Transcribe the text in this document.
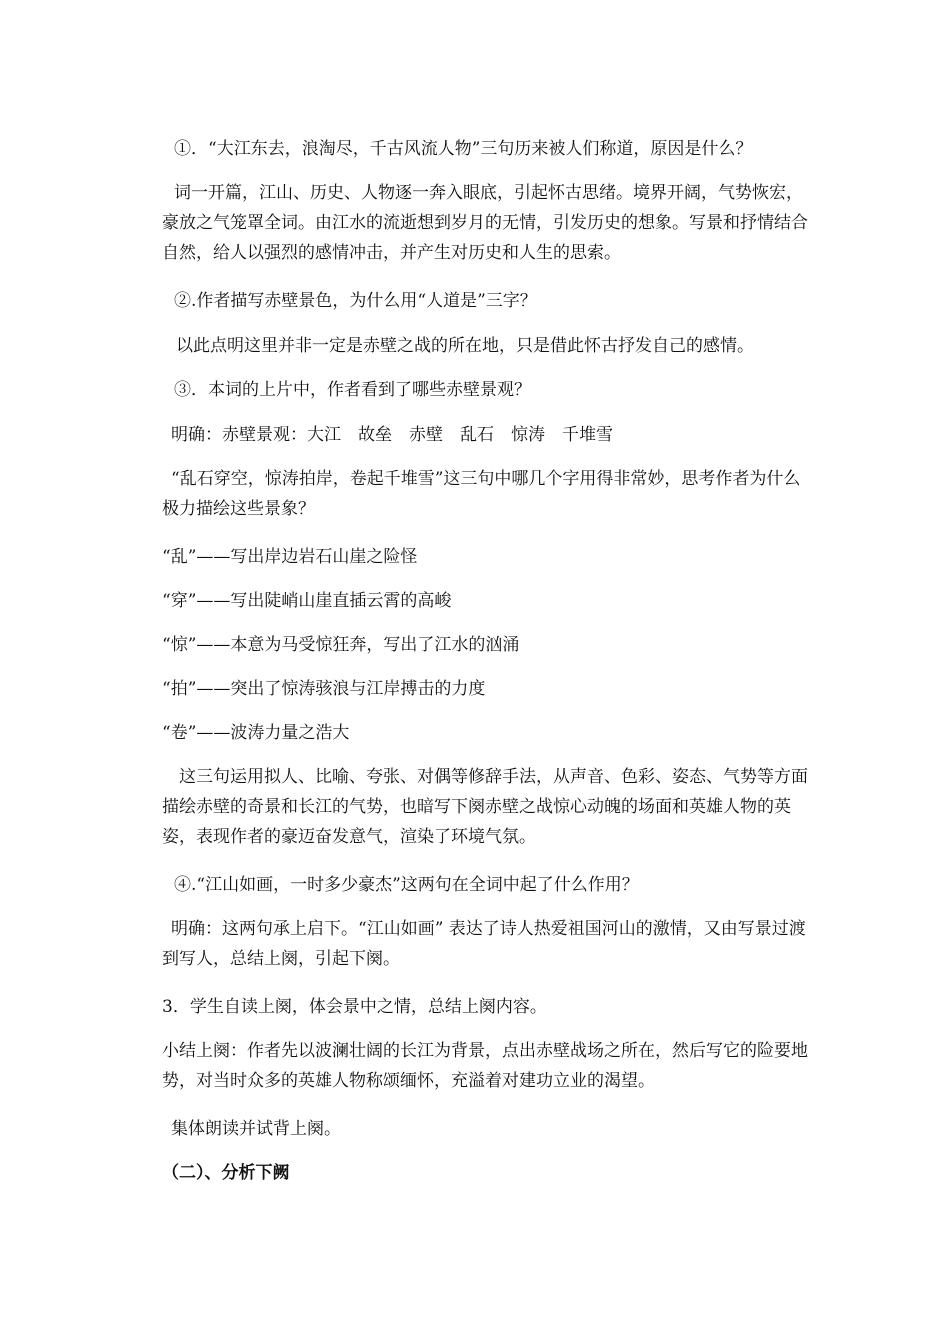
①．“大江东去，浪淘尽，千古风流人物”三句历来被人们称道，原因是什么？

词一开篇，江山、历史、人物逐一奔入眼底，引起怀古思绪。境界开阔，气势恢宏，豪放之气笼罩全词。由江水的流逝想到岁月的无情，引发历史的想象。写景和抒情结合自然，给人以强烈的感情冲击，并产生对历史和人生的思索。

②.作者描写赤壁景色，为什么用“人道是”三字？

以此点明这里并非一定是赤壁之战的所在地，只是借此怀古抒发自己的感情。

③．本词的上片中，作者看到了哪些赤壁景观？

明确：赤壁景观：大江　故垒　赤壁　乱石　惊涛　千堆雪

“乱石穿空，惊涛拍岸，卷起千堆雪”这三句中哪几个字用得非常妙，思考作者为什么极力描绘这些景象？

“乱”——写出岸边岩石山崖之险怪

“穿”——写出陡峭山崖直插云霄的高峻

“惊”——本意为马受惊狂奔，写出了江水的汹涌

“拍”——突出了惊涛骇浪与江岸搏击的力度

“卷”——波涛力量之浩大

这三句运用拟人、比喻、夸张、对偶等修辞手法，从声音、色彩、姿态、气势等方面描绘赤壁的奇景和长江的气势，也暗写下阕赤壁之战惊心动魄的场面和英雄人物的英姿，表现作者的豪迈奋发意气，渲染了环境气氛。

④.“江山如画，一时多少豪杰”这两句在全词中起了什么作用？

明确：这两句承上启下。“江山如画” 表达了诗人热爱祖国河山的激情，又由写景过渡到写人，总结上阕，引起下阕。

3．学生自读上阕，体会景中之情，总结上阕内容。

小结上阕：作者先以波澜壮阔的长江为背景，点出赤壁战场之所在，然后写它的险要地势，对当时众多的英雄人物称颂缅怀，充溢着对建功立业的渴望。

集体朗读并试背上阕。

（二）、分析下阙
